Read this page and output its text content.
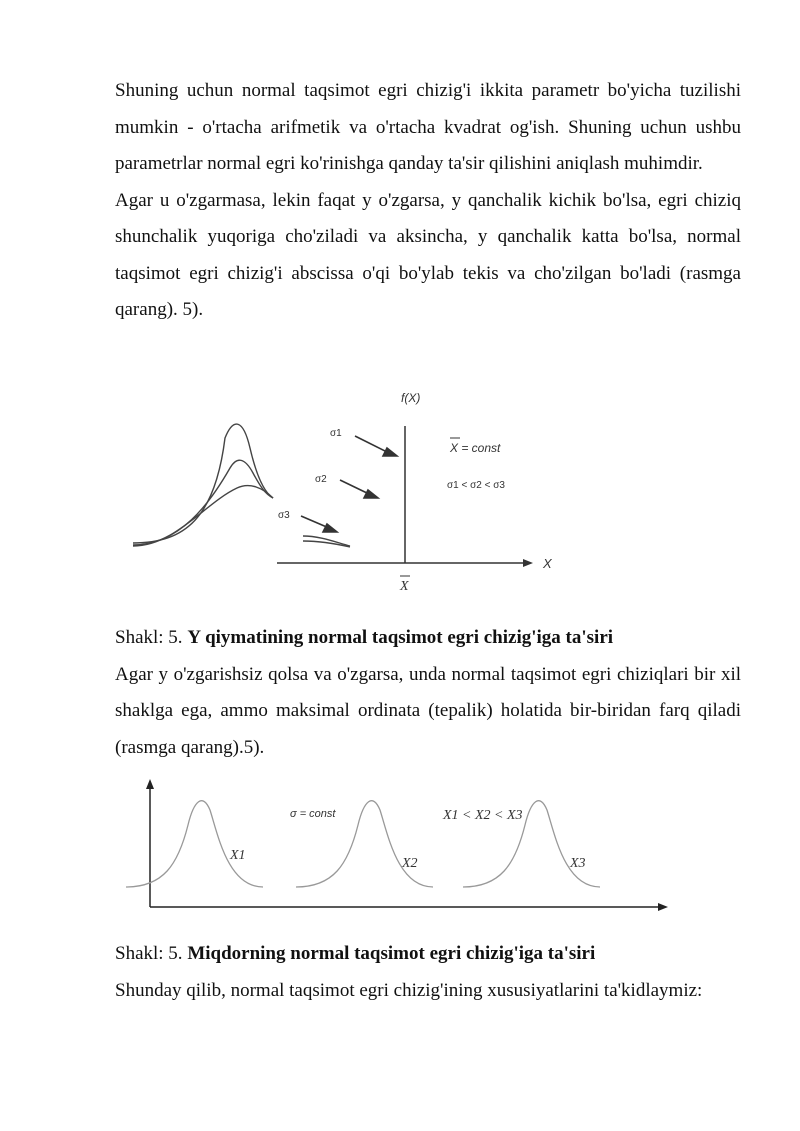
Shuning uchun normal taqsimot egri chizig'i ikkita parametr bo'yicha tuzilishi mumkin - o'rtacha arifmetik va o'rtacha kvadrat og'ish. Shuning uchun ushbu parametrlar normal egri ko'rinishga qanday ta'sir qilishini aniqlash muhimdir.

Agar u o'zgarmasa, lekin faqat y o'zgarsa, y qanchalik kichik bo'lsa, egri chiziq shunchalik yuqoriga cho'ziladi va aksincha, y qanchalik katta bo'lsa, normal taqsimot egri chizig'i abscissa o'qi bo'ylab tekis va cho'zilgan bo'ladi (rasmga qarang). 5).

f(X)
X
X
σ1
σ2
σ3
X = const
σ1 < σ2 < σ3

Shakl: 5. Y qiymatining normal taqsimot egri chizig'iga ta'siri

Agar y o'zgarishsiz qolsa va o'zgarsa, unda normal taqsimot egri chiziqlari bir xil shaklga ega, ammo maksimal ordinata (tepalik) holatida bir-biridan farq qiladi (rasmga qarang).5).

σ = const	X1 < X2 < X3
X1
X2	X3

Shakl: 5. Miqdorning normal taqsimot egri chizig'iga ta'siri

Shunday qilib, normal taqsimot egri chizig'ining xususiyatlarini ta'kidlaymiz:
